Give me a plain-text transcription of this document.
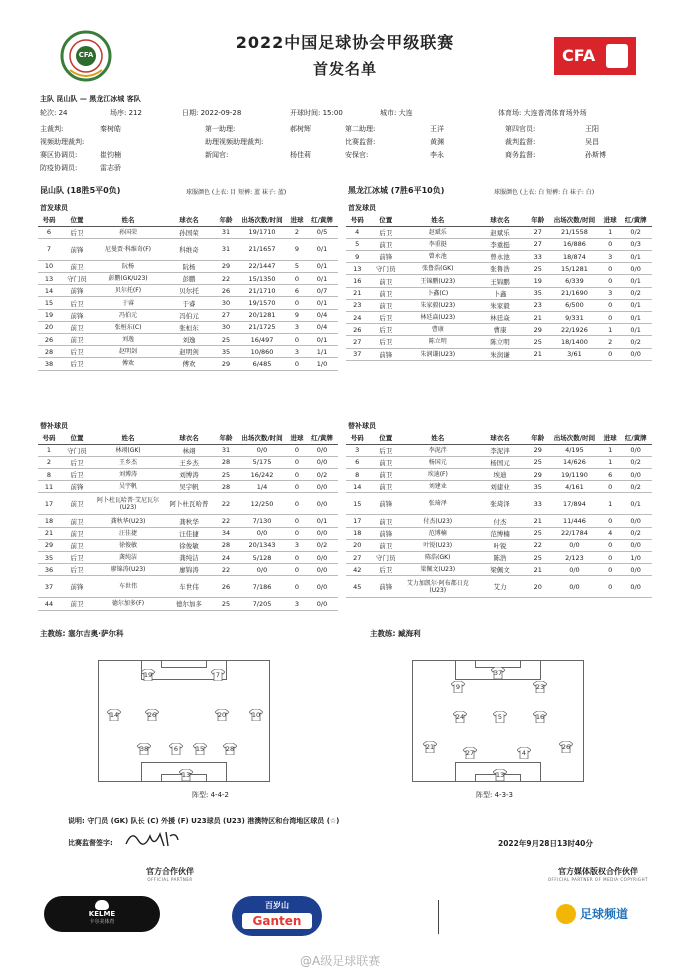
CFA
2022中国足球协会甲级联赛
首发名单
CFA
主队 昆山队 — 黑龙江冰城 客队
轮次: 24	场序: 212	日期: 2022-09-28	开球时间: 15:00	城市: 大连	体育场: 大连普湾体育场外场
主裁判:	秦树皓	第一助理:	郝树辉	第二助理:	王洋	第四官员:	王阳
视频助理裁判:	助理视频助理裁判:	比赛监督:	黄渊	裁判监督:	吴昌
赛区协调员:	崔钧楠	新闻官:	杨佳莉	安保官:	李永	商务监督:	孙斯博
防疫协调员:	雷志骄
昆山队 (18胜5平0负)	球服颜色 (上衣: 目 短裤: 蓝 袜子: 蓝)	黑龙江冰城 (7胜6平10负)	球服颜色 (上衣: 白 短裤: 白 袜子: 白)
首发球员	首发球员
号码	位置	姓名	球衣名	年龄	出场次数/时间	进球	红/黄牌
6	后卫	孙国荣	孙国荣	31	19/1710	2	0/5
7	前锋	尼曼贾·科维奇(F)	科维奇	31	21/1657	9	0/1
10	前卫	阮杨	阮杨	29	22/1447	5	0/1
13	守门员	彭鹏(GK/U23)	彭鹏	22	15/1350	0	0/1
14	前锋	贝尔托(F)	贝尔托	26	21/1710	6	0/7
15	后卫	于睿	于睿	30	19/1570	0	0/1
19	前锋	冯伯元	冯伯元	27	20/1281	9	0/4
20	前卫	张桓东(C)	张桓东	30	21/1725	3	0/4
26	前卫	刘逸	刘逸	25	16/497	0	0/1
28	后卫	赵明剑	赵明剑	35	10/860	3	1/1
38	后卫	傅欢	傅欢	29	6/485	0	1/0
号码	位置	姓名	球衣名	年龄	出场次数/时间	进球	红/黄牌
4	后卫	赵斌乐	赵斌乐	27	21/1558	1	0/2
5	前卫	李重挺	李重挺	27	16/886	0	0/3
9	前锋	曾永池	曾永池	33	18/874	3	0/1
13	守门员	张鲁浩(GK)	张鲁浩	25	15/1281	0	0/0
16	前卫	王锦鹏(U23)	王锦鹏	19	6/339	0	0/1
21	前卫	卜鑫(C)	卜鑫	35	21/1690	3	0/2
23	前卫	朱家毅(U23)	朱家毅	23	6/500	0	0/1
24	后卫	林廷焱(U23)	林廷焱	21	9/331	0	0/1
26	后卫	曹康	曹康	29	22/1926	1	0/1
27	后卫	陈立明	陈立明	25	18/1400	2	0/2
37	前锋	朱润谦(U23)	朱润谦	21	3/61	0	0/0
替补球员	替补球员
号码	位置	姓名	球衣名	年龄	出场次数/时间	进球	红/黄牌
1	守门员	林翊(GK)	林翊	31	0/0	0	0/0
2	后卫	王乡杰	王乡杰	28	5/175	0	0/0
8	后卫	刘博涛	刘博涛	25	16/242	0	0/2
11	前锋	吴宇帆	吴宇帆	28	1/4	0	0/0
17	前卫	阿卜杜瓦哈普·艾尼瓦尔(U23)	阿卜杜瓦哈普	22	12/250	0	0/0
18	前卫	龚秋华(U23)	龚秋华	22	7/130	0	0/1
21	前卫	汪佳捷	汪佳捷	34	0/0	0	0/0
29	前卫	徐俊敏	徐俊敏	28	20/1343	3	0/2
35	后卫	龚纯洁	龚纯洁	24	5/128	0	0/0
36	后卫	廖锦涛(U23)	廖锦涛	22	0/0	0	0/0
37	前锋	车世伟	车世伟	26	7/186	0	0/0
44	前卫	德尔加多(F)	德尔加多	25	7/205	3	0/0
号码	位置	姓名	球衣名	年龄	出场次数/时间	进球	红/黄牌
3	后卫	李泥泮	李泥泮	29	4/195	1	0/0
6	前卫	杨国元	杨国元	25	14/626	1	0/2
8	前卫	埃迪(F)	埃迪	29	19/1190	6	0/0
14	前卫	刘建业	刘建业	35	4/161	0	0/2
15	前锋	张琦泽	张琦泽	33	17/894	1	0/1
17	前卫	付杰(U23)	付杰	21	11/446	0	0/0
18	前锋	范博楠	范博楠	25	22/1784	4	0/2
20	前卫	叶锐(U23)	叶锐	22	0/0	0	0/0
27	守门员	陈浩(GK)	陈浩	25	2/123	0	1/0
42	后卫	梁佩文(U23)	梁佩文	21	0/0	0	0/0
45	前锋	艾力加凯尔·阿布都日克(U23)	艾力	20	0/0	0	0/0
主教练: 塞尔吉奥·萨尔科	主教练: 臧海利
19	7
14	26	20	10
38	6	15	28
13
阵型: 4-4-2
37
9	23
24	5	16
21
27	4
26
13
阵型: 4-3-3
说明: 守门员 (GK) 队长 (C) 外援 (F) U23球员 (U23) 港澳特区和台湾地区球员 (☆)
比赛监督签字:	2022年9月28日13时40分
官方合作伙伴
OFFICIAL PARTNER
官方媒体版权合作伙伴
OFFICIAL PARTNER OF MEDIA COPYRIGHT
KELME
卡尔美体育
百岁山
Ganten	足球频道
@A级足球联赛
